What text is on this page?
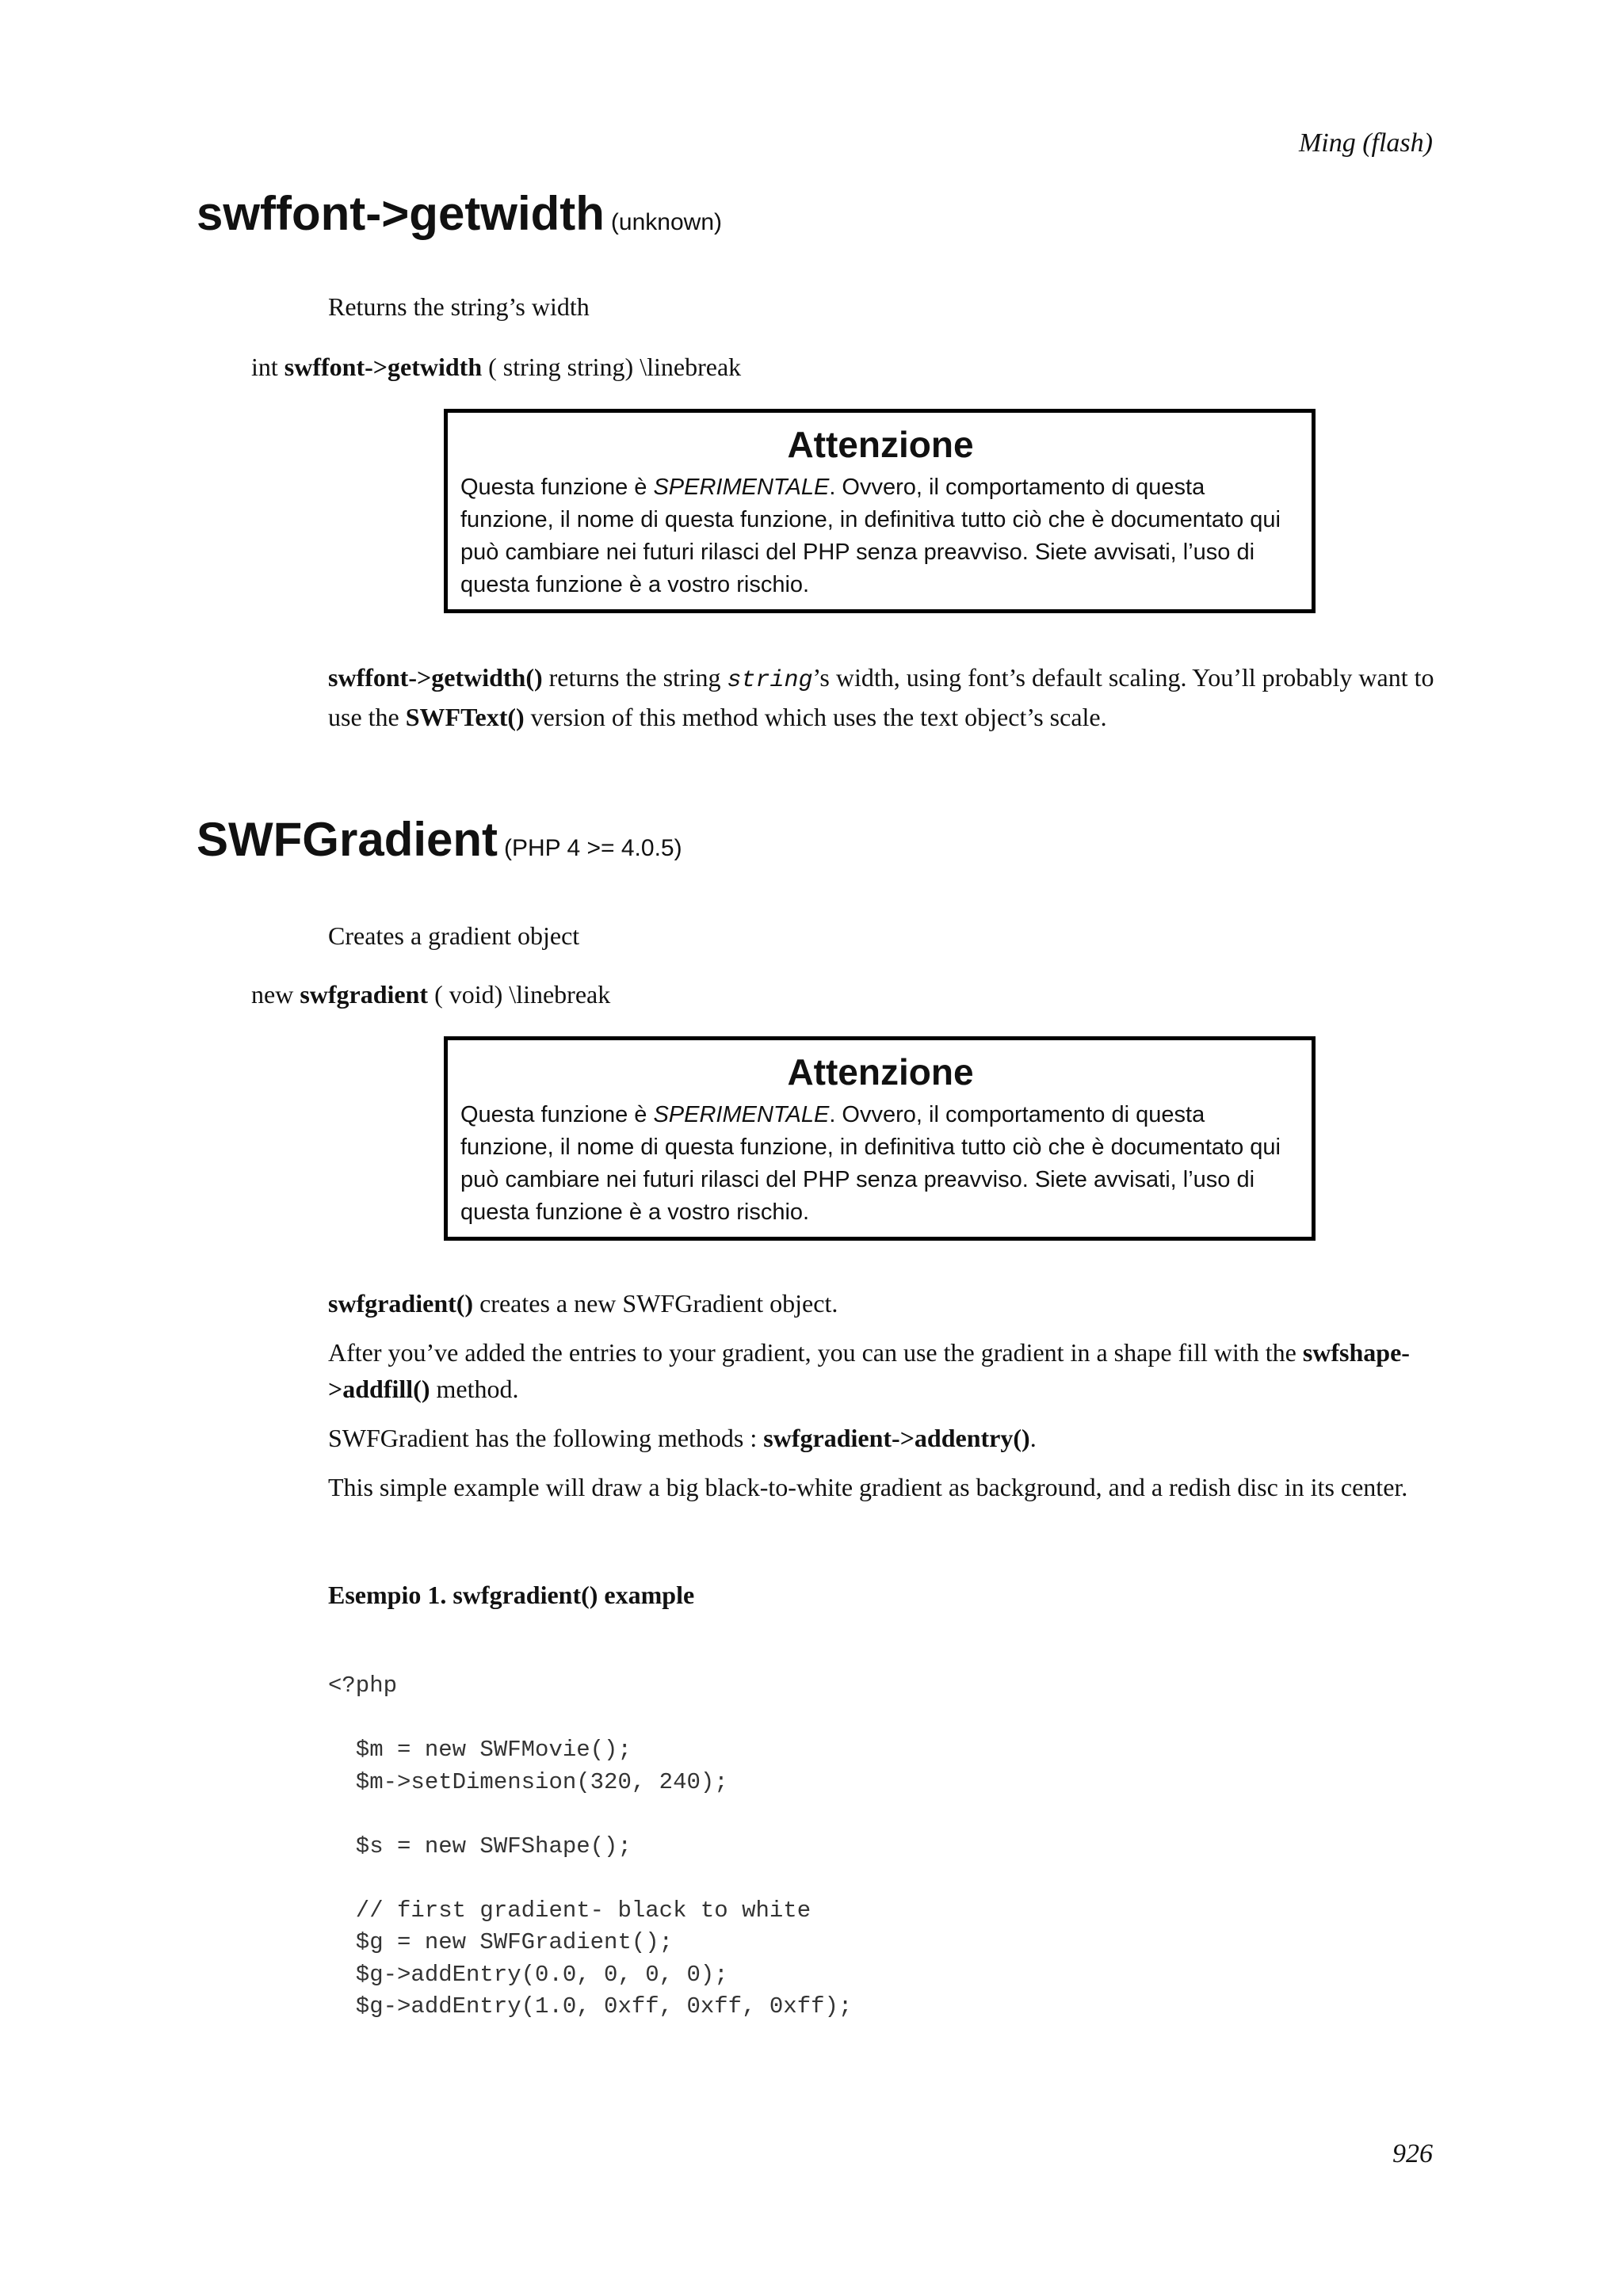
Ming (flash)
swffont->getwidth (unknown)
Returns the string’s width
int swffont->getwidth ( string string) \linebreak
Attenzione
Questa funzione è SPERIMENTALE. Ovvero, il comportamento di questa funzione, il nome di questa funzione, in definitiva tutto ciò che è documentato qui può cambiare nei futuri rilasci del PHP senza preavviso. Siete avvisati, l’uso di questa funzione è a vostro rischio.
swffont->getwidth() returns the string string’s width, using font’s default scaling. You’ll probably want to use the SWFText() version of this method which uses the text object’s scale.
SWFGradient (PHP 4 >= 4.0.5)
Creates a gradient object
new swfgradient ( void) \linebreak
Attenzione
Questa funzione è SPERIMENTALE. Ovvero, il comportamento di questa funzione, il nome di questa funzione, in definitiva tutto ciò che è documentato qui può cambiare nei futuri rilasci del PHP senza preavviso. Siete avvisati, l’uso di questa funzione è a vostro rischio.
swfgradient() creates a new SWFGradient object.
After you’ve added the entries to your gradient, you can use the gradient in a shape fill with the swfshape->addfill() method.
SWFGradient has the following methods : swfgradient->addentry().
This simple example will draw a big black-to-white gradient as background, and a redish disc in its center.
Esempio 1. swfgradient() example
<?php
$m = new SWFMovie();
$m->setDimension(320, 240);
$s = new SWFShape();
// first gradient- black to white
$g = new SWFGradient();
$g->addEntry(0.0, 0, 0, 0);
$g->addEntry(1.0, 0xff, 0xff, 0xff);
926
